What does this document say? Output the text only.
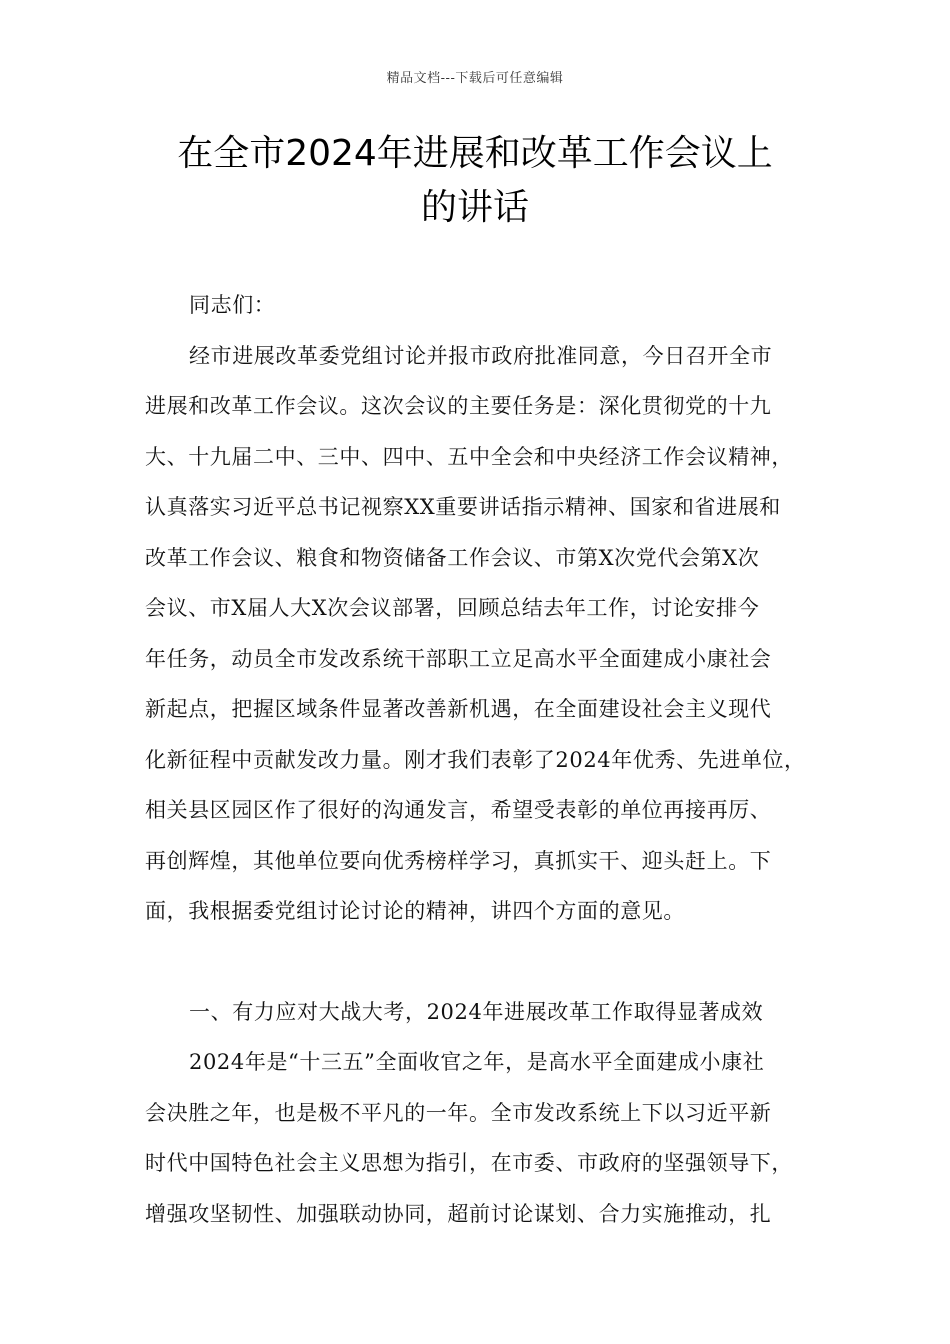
精品文档---下载后可任意编辑
在全市2024年进展和改革工作会议上
的讲话
同志们：
经市进展改革委党组讨论并报市政府批准同意，今日召开全市
进展和改革工作会议。这次会议的主要任务是：深化贯彻党的十九
大、十九届二中、三中、四中、五中全会和中央经济工作会议精神，
认真落实习近平总书记视察XX重要讲话指示精神、国家和省进展和
改革工作会议、粮食和物资储备工作会议、市第X次党代会第X次
会议、市X届人大X次会议部署，回顾总结去年工作，讨论安排今
年任务，动员全市发改系统干部职工立足高水平全面建成小康社会
新起点，把握区域条件显著改善新机遇，在全面建设社会主义现代
化新征程中贡献发改力量。刚才我们表彰了2024年优秀、先进单位，
相关县区园区作了很好的沟通发言，希望受表彰的单位再接再厉、
再创辉煌，其他单位要向优秀榜样学习，真抓实干、迎头赶上。下
面，我根据委党组讨论讨论的精神，讲四个方面的意见。
一、有力应对大战大考，2024年进展改革工作取得显著成效
2024年是“十三五”全面收官之年，是高水平全面建成小康社
会决胜之年，也是极不平凡的一年。全市发改系统上下以习近平新
时代中国特色社会主义思想为指引，在市委、市政府的坚强领导下，
增强攻坚韧性、加强联动协同，超前讨论谋划、合力实施推动，扎
